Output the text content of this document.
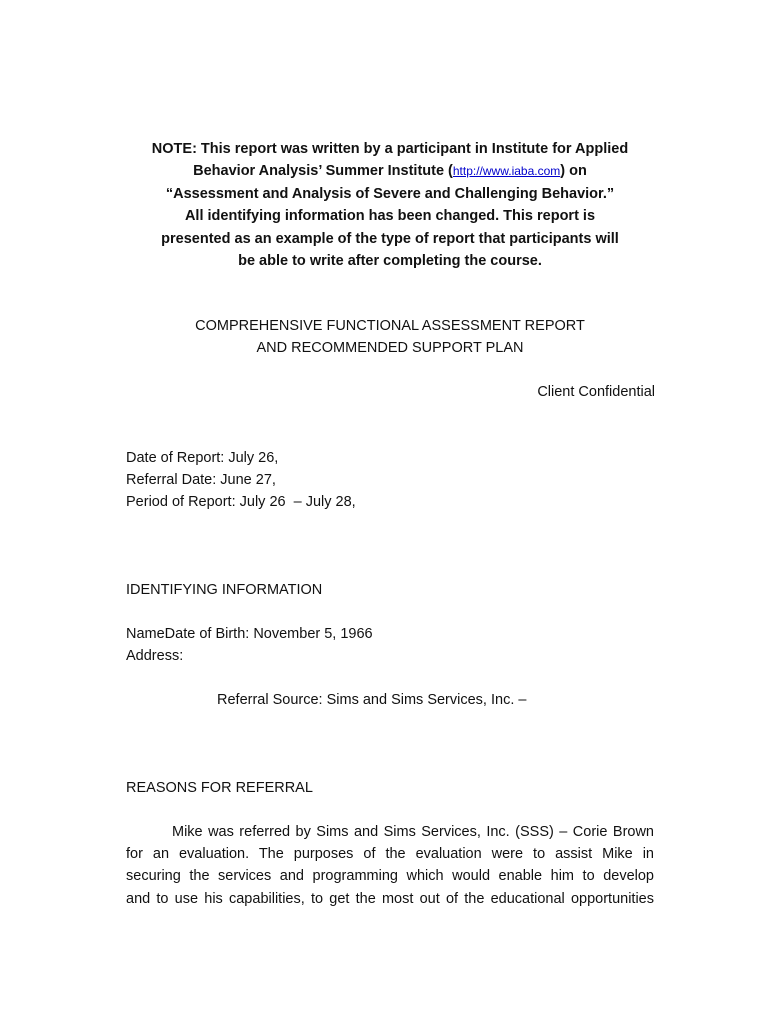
NOTE: This report was written by a participant in Institute for Applied
Behavior Analysis’ Summer Institute (http://www.iaba.com) on
“Assessment and Analysis of Severe and Challenging Behavior.”
All identifying information has been changed. This report is
presented as an example of the type of report that participants will
be able to write after completing the course.
COMPREHENSIVE FUNCTIONAL ASSESSMENT REPORT
AND RECOMMENDED SUPPORT PLAN
Client Confidential
Date of Report: July 26,
Referral Date: June 27,
Period of Report: July 26  – July 28,
IDENTIFYING INFORMATION
NameDate of Birth: November 5, 1966
Address:
Referral Source: Sims and Sims Services, Inc. –
REASONS FOR REFERRAL
Mike was referred by Sims and Sims Services, Inc. (SSS) – Corie Brown
for an evaluation. The purposes of the evaluation were to assist Mike in
securing the services and programming which would enable him to develop
and to use his capabilities, to get the most out of the educational opportunities
